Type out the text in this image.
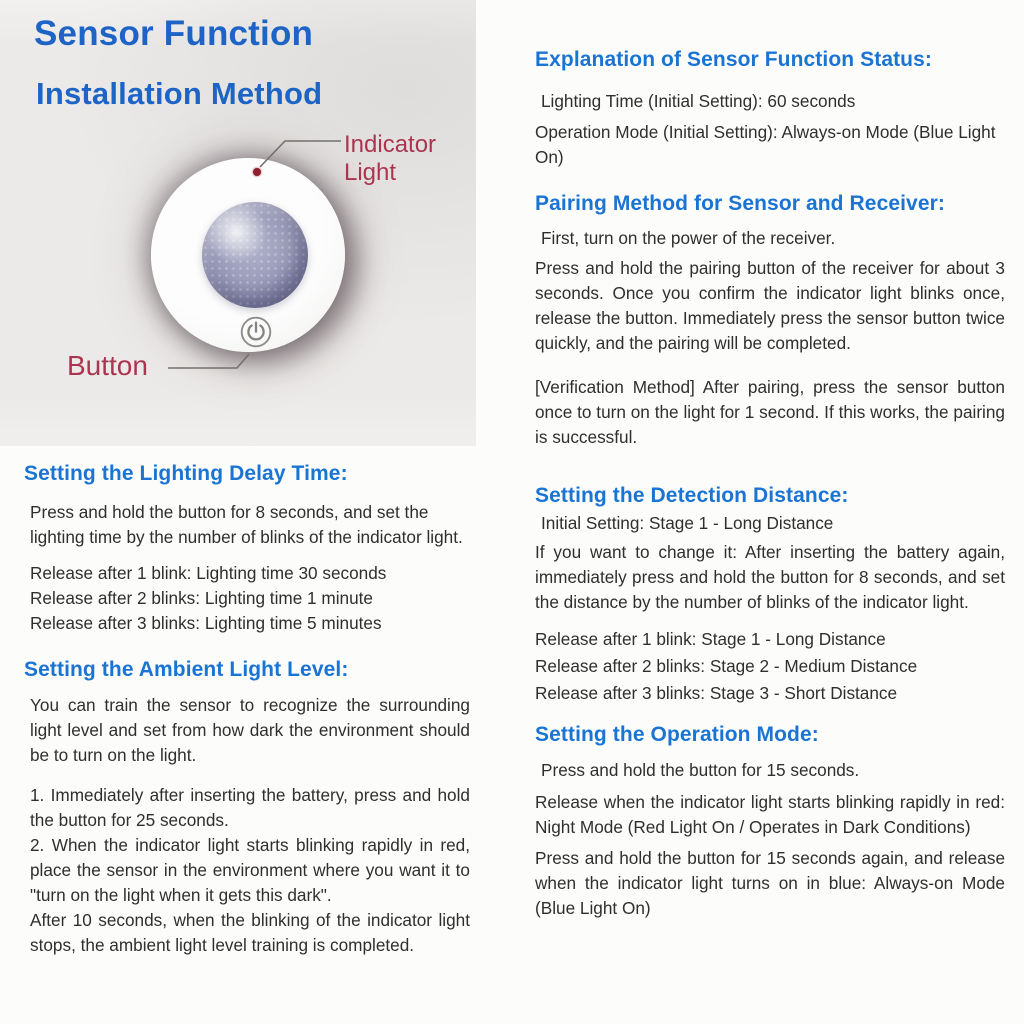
Sensor Function
Installation Method
Indicator Light
Button
Setting the Lighting Delay Time:

Press and hold the button for 8 seconds, and set the lighting time by the number of blinks of the indicator light.

Release after 1 blink: Lighting time 30 seconds
Release after 2 blinks: Lighting time 1 minute
Release after 3 blinks: Lighting time 5 minutes
Setting the Ambient Light Level:

You can train the sensor to recognize the surrounding light level and set from how dark the environment should be to turn on the light.

1. Immediately after inserting the battery, press and hold the button for 25 seconds.

2. When the indicator light starts blinking rapidly in red, place the sensor in the environment where you want it to "turn on the light when it gets this dark".

After 10 seconds, when the blinking of the indicator light stops, the ambient light level training is completed.

Explanation of Sensor Function Status:
Lighting Time (Initial Setting): 60 seconds

Operation Mode (Initial Setting): Always-on Mode (Blue Light On)

Pairing Method for Sensor and Receiver:
First, turn on the power of the receiver.

Press and hold the pairing button of the receiver for about 3 seconds. Once you confirm the indicator light blinks once, release the button. Immediately press the sensor button twice quickly, and the pairing will be completed.

[Verification Method] After pairing, press the sensor button once to turn on the light for 1 second. If this works, the pairing is successful.

Setting the Detection Distance:
Initial Setting: Stage 1 - Long Distance

If you want to change it: After inserting the battery again, immediately press and hold the button for 8 seconds, and set the distance by the number of blinks of the indicator light.

Release after 1 blink: Stage 1 - Long Distance
Release after 2 blinks: Stage 2 - Medium Distance
Release after 3 blinks: Stage 3 - Short Distance
Setting the Operation Mode:
Press and hold the button for 15 seconds.

Release when the indicator light starts blinking rapidly in red: Night Mode (Red Light On / Operates in Dark Conditions)

Press and hold the button for 15 seconds again, and release when the indicator light turns on in blue: Always-on Mode (Blue Light On)
